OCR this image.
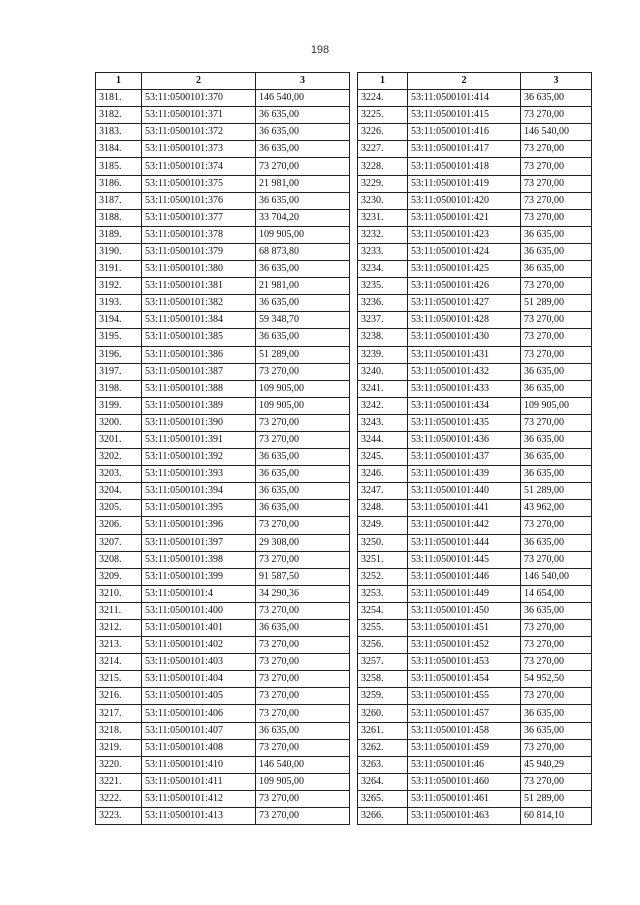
198
1	2	3
3181.	53:11:0500101:370	146 540,00
3182.	53:11:0500101:371	36 635,00
3183.	53:11:0500101:372	36 635,00
3184.	53:11:0500101:373	36 635,00
3185.	53:11:0500101:374	73 270,00
3186.	53:11:0500101:375	21 981,00
3187.	53:11:0500101:376	36 635,00
3188.	53:11:0500101:377	33 704,20
3189.	53:11:0500101:378	109 905,00
3190.	53:11:0500101:379	68 873,80
3191.	53:11:0500101:380	36 635,00
3192.	53:11:0500101:381	21 981,00
3193.	53:11:0500101:382	36 635,00
3194.	53:11:0500101:384	59 348,70
3195.	53:11:0500101:385	36 635,00
3196.	53:11:0500101:386	51 289,00
3197.	53:11:0500101:387	73 270,00
3198.	53:11:0500101:388	109 905,00
3199.	53:11:0500101:389	109 905,00
3200.	53:11:0500101:390	73 270,00
3201.	53:11:0500101:391	73 270,00
3202.	53:11:0500101:392	36 635,00
3203.	53:11:0500101:393	36 635,00
3204.	53:11:0500101:394	36 635,00
3205.	53:11:0500101:395	36 635,00
3206.	53:11:0500101:396	73 270,00
3207.	53:11:0500101:397	29 308,00
3208.	53:11:0500101:398	73 270,00
3209.	53:11:0500101:399	91 587,50
3210.	53:11:0500101:4	34 290,36
3211.	53:11:0500101:400	73 270,00
3212.	53:11:0500101:401	36 635,00
3213.	53:11:0500101:402	73 270,00
3214.	53:11:0500101:403	73 270,00
3215.	53:11:0500101:404	73 270,00
3216.	53:11:0500101:405	73 270,00
3217.	53:11:0500101:406	73 270,00
3218.	53:11:0500101:407	36 635,00
3219.	53:11:0500101:408	73 270,00
3220.	53:11:0500101:410	146 540,00
3221.	53:11:0500101:411	109 905,00
3222.	53:11:0500101:412	73 270,00
3223.	53:11:0500101:413	73 270,00
1	2	3
3224.	53:11:0500101:414	36 635,00
3225.	53:11:0500101:415	73 270,00
3226.	53:11:0500101:416	146 540,00
3227.	53:11:0500101:417	73 270,00
3228.	53:11:0500101:418	73 270,00
3229.	53:11:0500101:419	73 270,00
3230.	53:11:0500101:420	73 270,00
3231.	53:11:0500101:421	73 270,00
3232.	53:11:0500101:423	36 635,00
3233.	53:11:0500101:424	36 635,00
3234.	53:11:0500101:425	36 635,00
3235.	53:11:0500101:426	73 270,00
3236.	53:11:0500101:427	51 289,00
3237.	53:11:0500101:428	73 270,00
3238.	53:11:0500101:430	73 270,00
3239.	53:11:0500101:431	73 270,00
3240.	53:11:0500101:432	36 635,00
3241.	53:11:0500101:433	36 635,00
3242.	53:11:0500101:434	109 905,00
3243.	53:11:0500101:435	73 270,00
3244.	53:11:0500101:436	36 635,00
3245.	53:11:0500101:437	36 635,00
3246.	53:11:0500101:439	36 635,00
3247.	53:11:0500101:440	51 289,00
3248.	53:11:0500101:441	43 962,00
3249.	53:11:0500101:442	73 270,00
3250.	53:11:0500101:444	36 635,00
3251.	53:11:0500101:445	73 270,00
3252.	53:11:0500101:446	146 540,00
3253.	53:11:0500101:449	14 654,00
3254.	53:11:0500101:450	36 635,00
3255.	53:11:0500101:451	73 270,00
3256.	53:11:0500101:452	73 270,00
3257.	53:11:0500101:453	73 270,00
3258.	53:11:0500101:454	54 952,50
3259.	53:11:0500101:455	73 270,00
3260.	53:11:0500101:457	36 635,00
3261.	53:11:0500101:458	36 635,00
3262.	53:11:0500101:459	73 270,00
3263.	53:11:0500101:46	45 940,29
3264.	53:11:0500101:460	73 270,00
3265.	53:11:0500101:461	51 289,00
3266.	53:11:0500101:463	60 814,10
